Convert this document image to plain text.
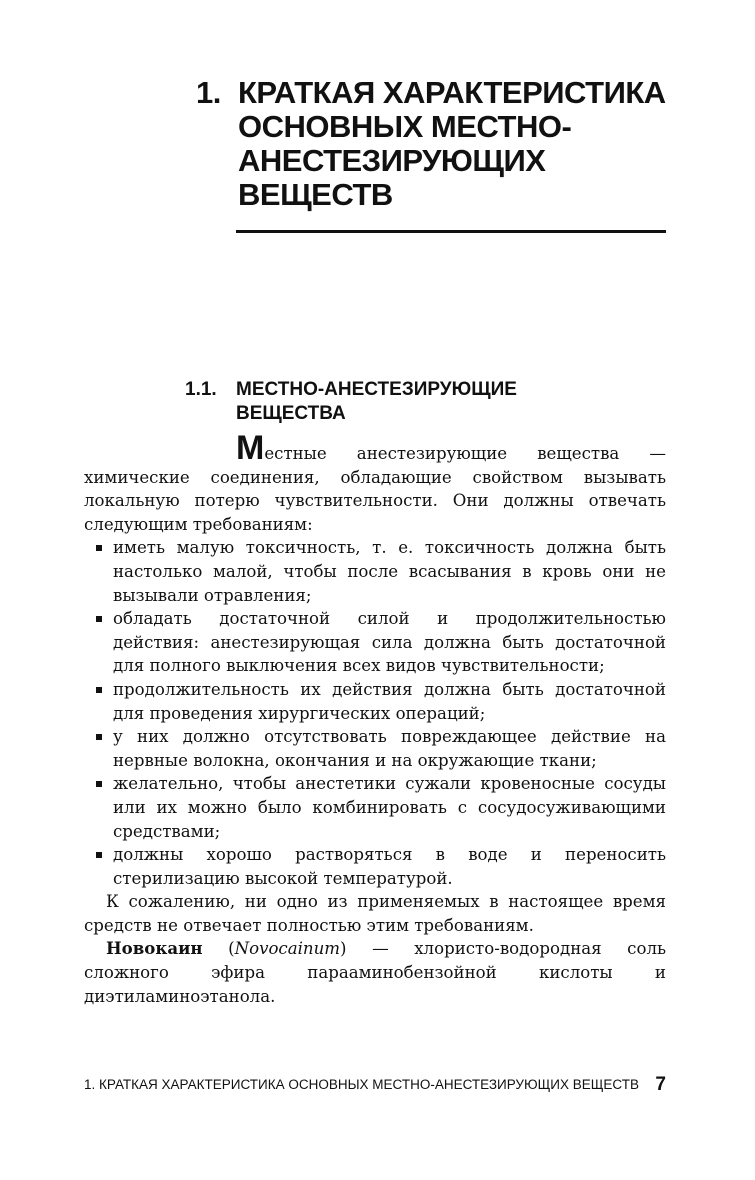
1. КРАТКАЯ ХАРАКТЕРИСТИКА ОСНОВНЫХ МЕСТНО-АНЕСТЕЗИРУЮЩИХ ВЕЩЕСТВ
1.1. МЕСТНО-АНЕСТЕЗИРУЮЩИЕ ВЕЩЕСТВА

Местные анестезирующие вещества — химические соединения, обладающие свойством вызывать локальную потерю чувствительности. Они должны отвечать следующим требованиям:

иметь малую токсичность, т. е. токсичность должна быть настолько малой, чтобы после всасывания в кровь они не вызывали отравления;
обладать достаточной силой и продолжительностью действия: анестезирующая сила должна быть достаточной для полного выключения всех видов чувствительности;
продолжительность их действия должна быть достаточной для проведения хирургических операций;
у них должно отсутствовать повреждающее действие на нервные волокна, окончания и на окружающие ткани;
желательно, чтобы анестетики сужали кровеносные сосуды или их можно было комбинировать с сосудосуживающими средствами;
должны хорошо растворяться в воде и переносить стерилизацию высокой температурой.

К сожалению, ни одно из применяемых в настоящее время средств не отвечает полностью этим требованиям.

Новокаин (Novocainum) — хлористо-водородная соль сложного эфира парааминобензойной кислоты и диэтиламиноэтанола.

1. КРАТКАЯ ХАРАКТЕРИСТИКА ОСНОВНЫХ МЕСТНО-АНЕСТЕЗИРУЮЩИХ ВЕЩЕСТВ 7
